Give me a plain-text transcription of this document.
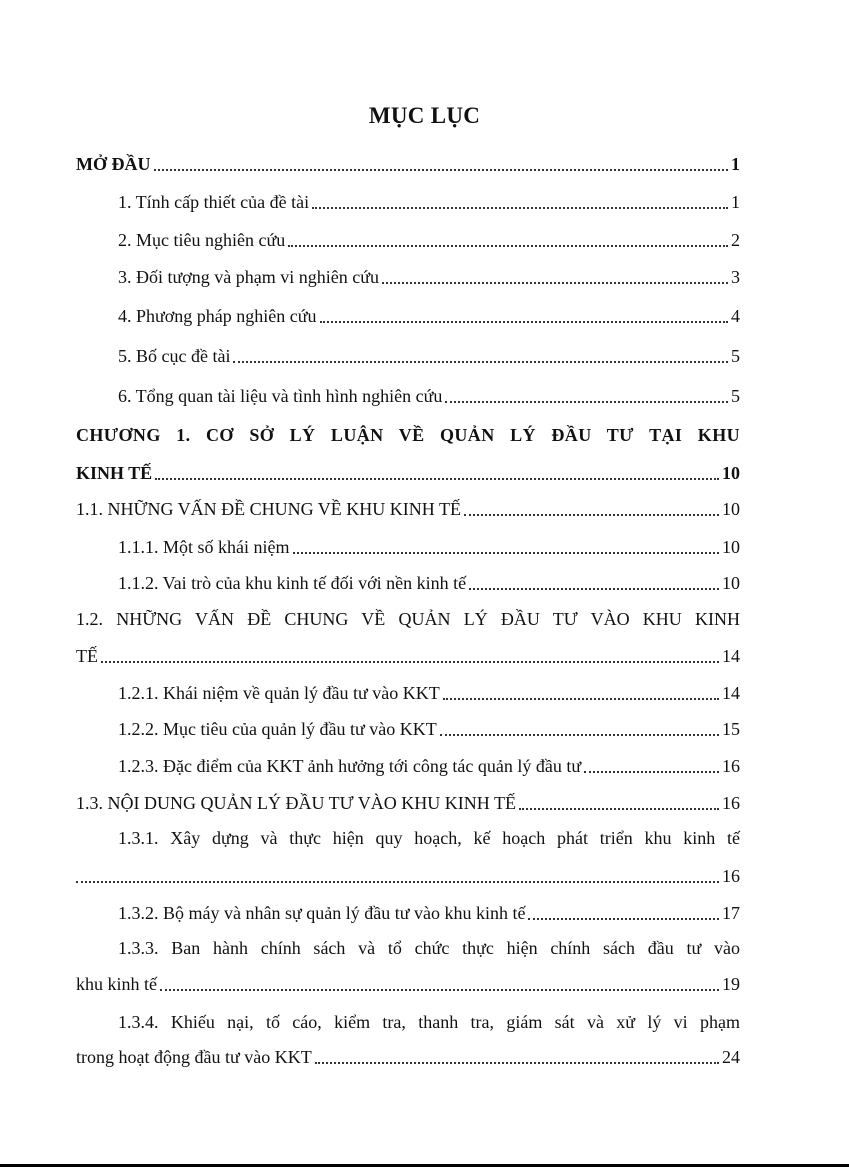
MỤC LỤC
MỞ ĐẦU	1
1. Tính cấp thiết của đề tài	1
2. Mục tiêu nghiên cứu	2
3. Đối tượng và phạm vi nghiên cứu	3
4. Phương pháp nghiên cứu	4
5. Bố cục đề tài	5
6. Tổng quan tài liệu và tình hình nghiên cứu	5
CHƯƠNG 1. CƠ SỞ LÝ LUẬN VỀ QUẢN LÝ ĐẦU TƯ TẠI KHU
KINH TẾ	10
1.1. NHỮNG VẤN ĐỀ CHUNG VỀ KHU KINH TẾ	10
1.1.1. Một số khái niệm	10
1.1.2. Vai trò của khu kinh tế đối với nền kinh tế	10
1.2. NHỮNG VẤN ĐỀ CHUNG VỀ QUẢN LÝ ĐẦU TƯ VÀO KHU KINH
TẾ	14
1.2.1. Khái niệm về quản lý đầu tư vào KKT	14
1.2.2. Mục tiêu của quản lý đầu tư vào KKT	15
1.2.3. Đặc điểm của KKT ảnh hưởng tới công tác quản lý đầu tư	16
1.3. NỘI DUNG QUẢN LÝ ĐẦU TƯ VÀO KHU KINH TẾ	16
1.3.1. Xây dựng và thực hiện quy hoạch, kế hoạch phát triển khu kinh tế
16
1.3.2. Bộ máy và nhân sự quản lý đầu tư vào khu kinh tế	17
1.3.3. Ban hành chính sách và tổ chức thực hiện chính sách đầu tư vào
khu kinh tế	19
1.3.4. Khiếu nại, tố cáo, kiểm tra, thanh tra, giám sát và xử lý vi phạm
trong hoạt động đầu tư vào KKT	24
